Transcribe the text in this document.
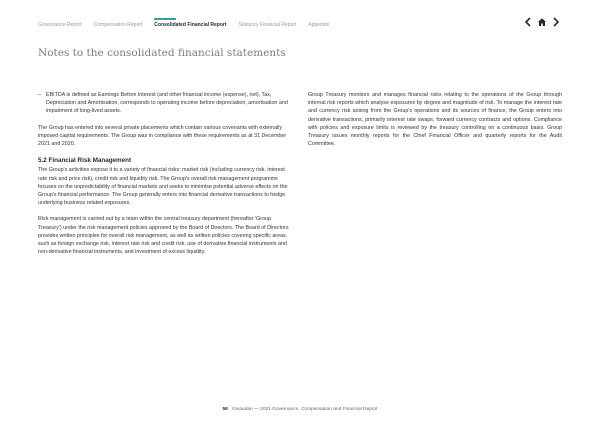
Governance Report Compensation Report Consolidated Financial Report Statutory Financial Report Appendix
Notes to the consolidated financial statements
– EBITDA is defined as Earnings Before Interest (and other financial income (expense), net), Tax, Depreciation and Amortisation, corresponds to operating income before depreciation, amortisation and impairment of long-lived assets.

The Group has entered into several private placements which contain various covenants with externally imposed capital requirements. The Group was in compliance with these requirements as at 31 December 2021 and 2020.

5.2 Financial Risk Management

The Group's activities expose it to a variety of financial risks: market risk (including currency risk, interest rate risk and price risk), credit risk and liquidity risk. The Group's overall risk management programme focuses on the unpredictability of financial markets and seeks to minimise potential adverse effects on the Group's financial performance. The Group generally enters into financial derivative transactions to hedge underlying business related exposures.

Risk management is carried out by a team within the central treasury department (hereafter 'Group Treasury') under the risk management policies approved by the Board of Directors. The Board of Directors provides written principles for overall risk management, as well as written policies covering specific areas, such as foreign exchange risk, interest rate risk and credit risk, use of derivative financial instruments and non-derivative financial instruments, and investment of excess liquidity.

Group Treasury monitors and manages financial risks relating to the operations of the Group through internal risk reports which analyse exposures by degree and magnitude of risk. To manage the interest rate and currency risk arising from the Group's operations and its sources of finance, the Group enters into derivative transactions, primarily interest rate swaps, forward currency contracts and options. Compliance with policies and exposure limits is reviewed by the treasury controlling on a continuous basis. Group Treasury issues monthly reports for the Chief Financial Officer and quarterly reports for the Audit Committee.

58 Givaudan — 2021 Governance, Compensation and Financial Report
